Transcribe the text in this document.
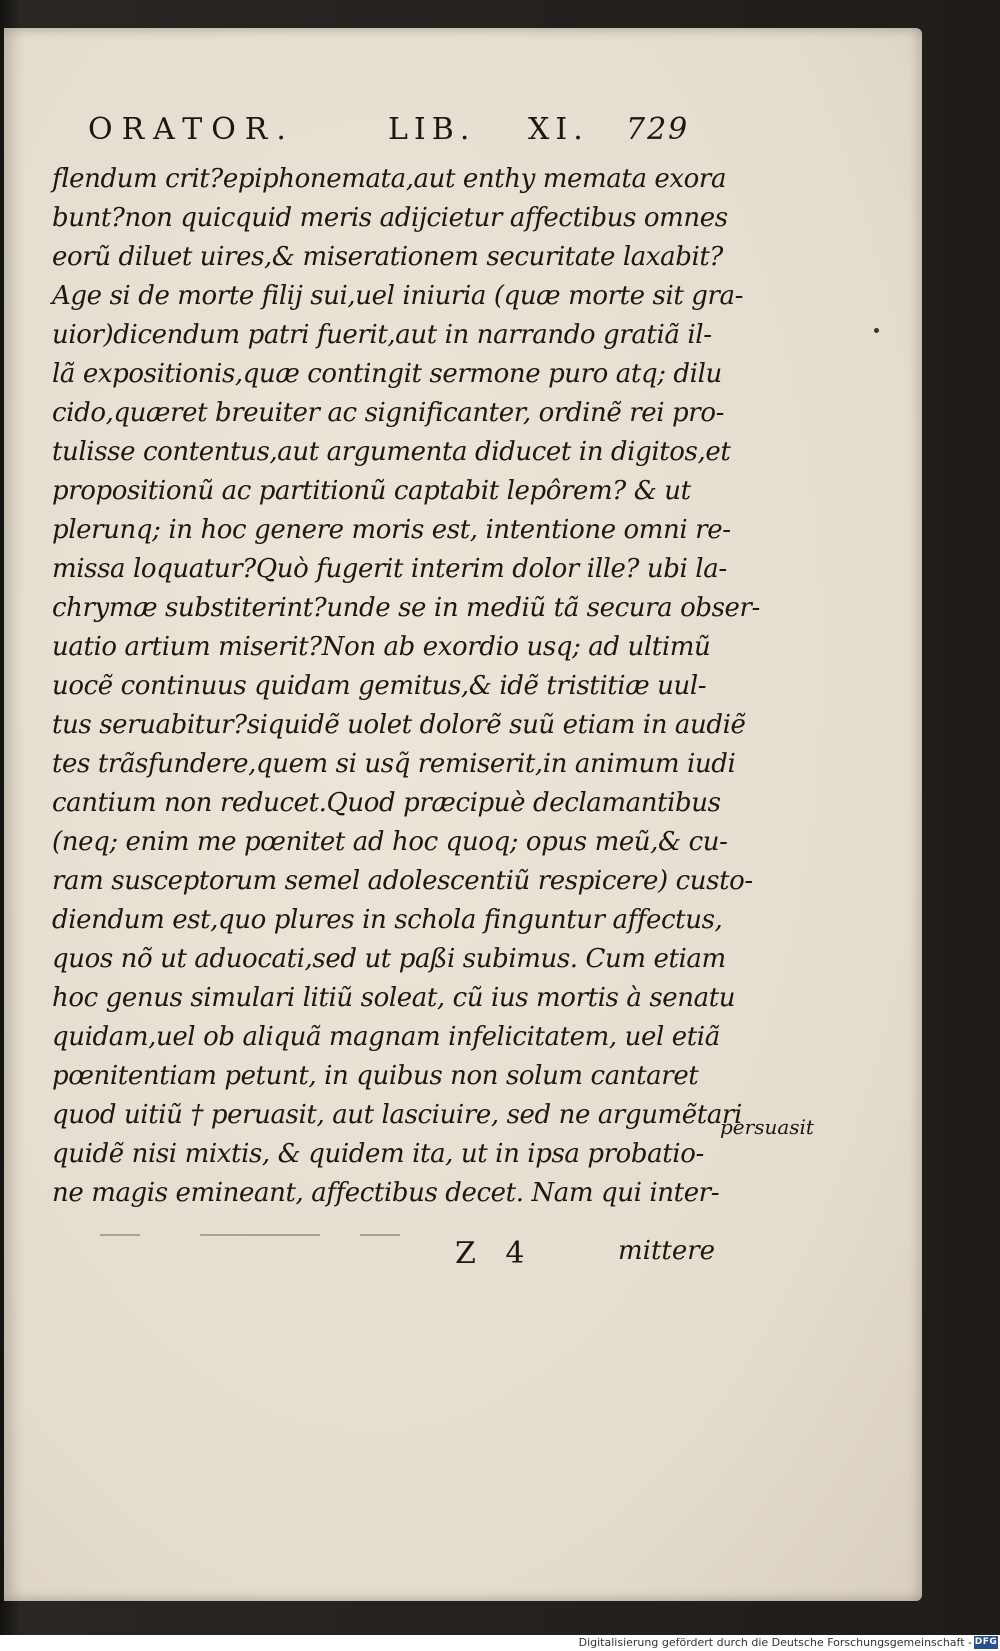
ORATOR.	LIB. XI. 729
flendum crit?epiphonemata,aut enthy memata exora
bunt?non quicquid meris adijcietur affectibus omnes
eorũ diluet uires,& miserationem securitate laxabit?
Age si de morte filij sui,uel iniuria (quæ morte sit gra-
uior)dicendum patri fuerit,aut in narrando gratiã il-
lã expositionis,quæ contingit sermone puro atq; dilu
cido,quæret breuiter ac significanter, ordinẽ rei pro-
tulisse contentus,aut argumenta diducet in digitos,et
propositionũ ac partitionũ captabit lepôrem? & ut
plerunq; in hoc genere moris est, intentione omni re-
missa loquatur?Quò fugerit interim dolor ille? ubi la-
chrymæ substiterint?unde se in mediũ tã secura obser-
uatio artium miserit?Non ab exordio usq; ad ultimũ
uocẽ continuus quidam gemitus,& idẽ tristitiæ uul-
tus seruabitur?siquidẽ uolet dolorẽ suũ etiam in audiẽ
tes trãsfundere,quem si usq̃ remiserit,in animum iudi
cantium non reducet.Quod præcipuè declamantibus
(neq; enim me pœnitet ad hoc quoq; opus meũ,& cu-
ram susceptorum semel adolescentiũ respicere) custo-
diendum est,quo plures in schola finguntur affectus,
quos nõ ut aduocati,sed ut paßi subimus. Cum etiam
hoc genus simulari litiũ soleat, cũ ius mortis à senatu
quidam,uel ob aliquã magnam infelicitatem, uel etiã
pœnitentiam petunt, in quibus non solum cantaret
quod uitiũ † peruasit, aut lasciuire, sed ne argumẽtari
quidẽ nisi mixtis, & quidem ita, ut in ipsa probatio-
ne magis emineant, affectibus decet. Nam qui inter-
persuasit
Z 4	mittere
Digitalisierung gefördert durch die Deutsche Forschungsgemeinschaft - DFG
